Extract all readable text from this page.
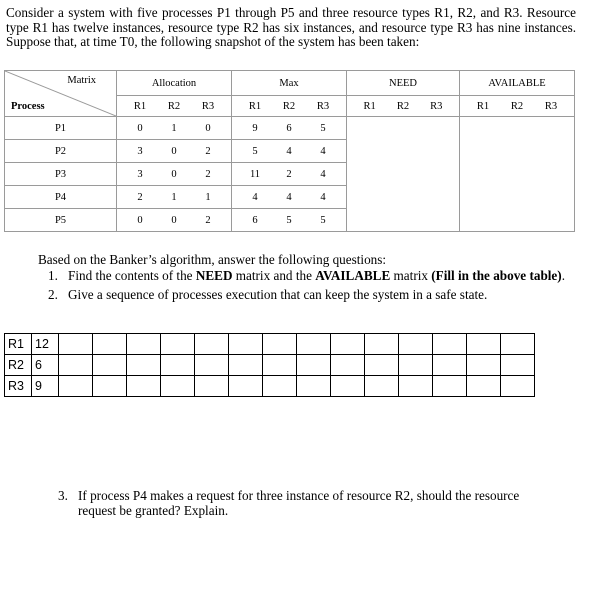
Consider a system with five processes P1 through P5 and three resource types R1, R2, and R3. Resource type R1 has twelve instances, resource type R2 has six instances, and resource type R3 has nine instances. Suppose that, at time T0, the following snapshot of the system has been taken:
Matrix
Process	Allocation	Max	NEED	AVAILABLE

	R1 R2 R3	R1 R2 R3	R1 R2 R3	R1 R2 R3

P1	0 1 0	9 6 5		

P2	3 0 2	5 4 4		

P3	3 0 2	11 2 4		

P4	2 1 1	4 4 4		

P5	0 0 2	6 5 5		

Based on the Banker’s algorithm, answer the following questions:

1. Find the contents of the NEED matrix and the AVAILABLE matrix (Fill in the above table).
2. Give a sequence of processes execution that can keep the system in a safe state.
R1	12														
R2	6														
R3	9														
3. If process P4 makes a request for three instance of resource R2, should the resource request be granted? Explain.
